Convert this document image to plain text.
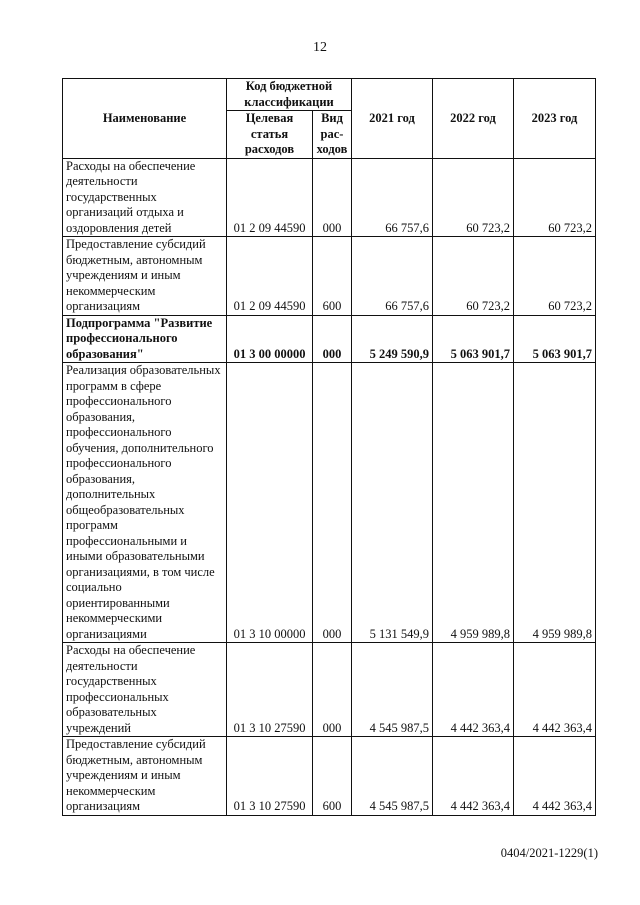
12
Наименование	Код бюджетной классификации		2021 год	2022 год	2023 год
	Целевая статья расходов	Вид рас-ходов			
Расходы на обеспечение деятельности государственных организаций отдыха и оздоровления детей	01 2 09 44590	000	66 757,6	60 723,2	60 723,2
Предоставление субсидий бюджетным, автономным учреждениям и иным некоммерческим организациям	01 2 09 44590	600	66 757,6	60 723,2	60 723,2
Подпрограмма "Развитие профессионального образования"	01 3 00 00000	000	5 249 590,9	5 063 901,7	5 063 901,7
Реализация образовательных программ в сфере профессионального образования, профессионального обучения, дополнительного профессионального образования, дополнительных общеобразовательных программ профессиональными и иными образовательными организациями, в том числе социально ориентированными некоммерческими организациями	01 3 10 00000	000	5 131 549,9	4 959 989,8	4 959 989,8
Расходы на обеспечение деятельности государственных профессиональных образовательных учреждений	01 3 10 27590	000	4 545 987,5	4 442 363,4	4 442 363,4
Предоставление субсидий бюджетным, автономным учреждениям и иным некоммерческим организациям	01 3 10 27590	600	4 545 987,5	4 442 363,4	4 442 363,4
0404/2021-1229(1)
